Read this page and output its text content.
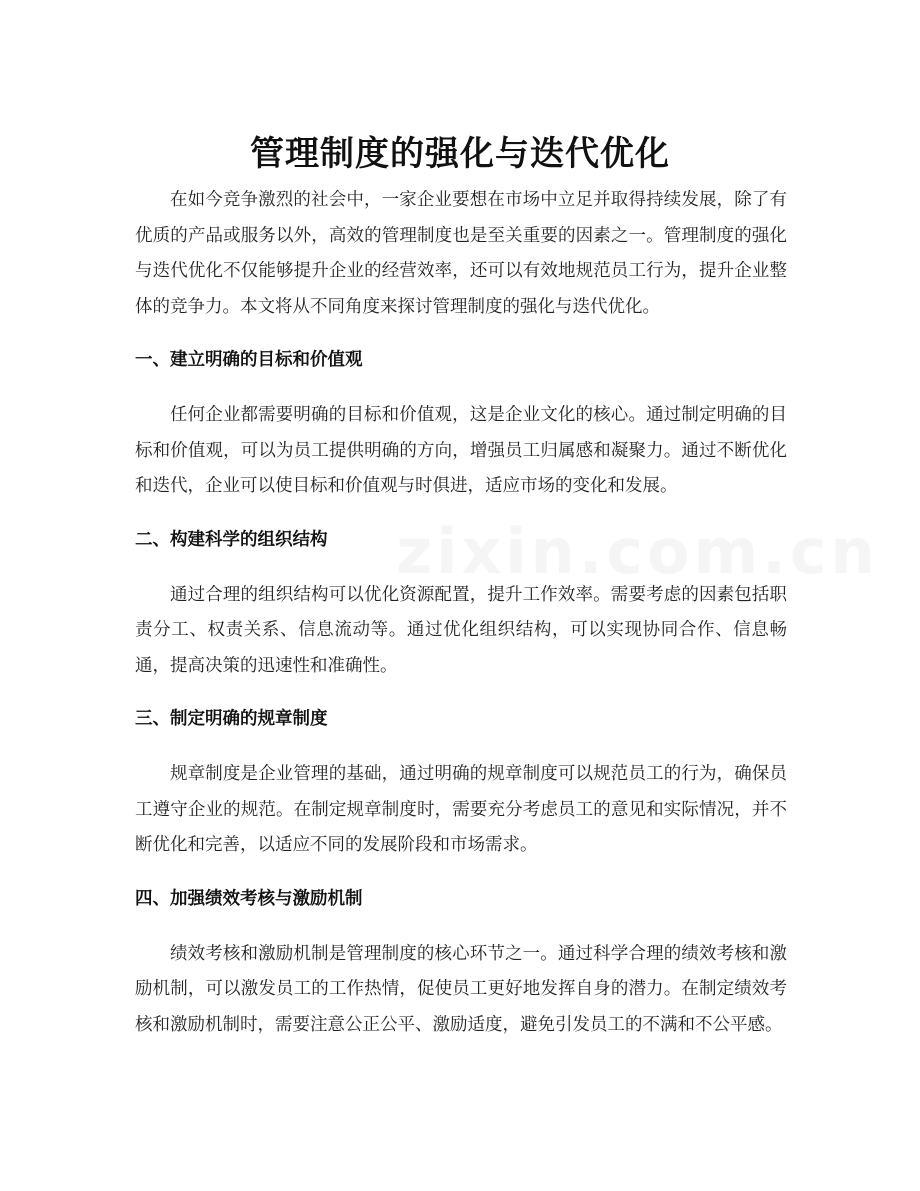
zixin.com.cn
管理制度的强化与迭代优化

在如今竞争激烈的社会中，一家企业要想在市场中立足并取得持续发展，除了有优质的产品或服务以外，高效的管理制度也是至关重要的因素之一。管理制度的强化与迭代优化不仅能够提升企业的经营效率，还可以有效地规范员工行为，提升企业整体的竞争力。本文将从不同角度来探讨管理制度的强化与迭代优化。

一、建立明确的目标和价值观

任何企业都需要明确的目标和价值观，这是企业文化的核心。通过制定明确的目标和价值观，可以为员工提供明确的方向，增强员工归属感和凝聚力。通过不断优化和迭代，企业可以使目标和价值观与时俱进，适应市场的变化和发展。

二、构建科学的组织结构

通过合理的组织结构可以优化资源配置，提升工作效率。需要考虑的因素包括职责分工、权责关系、信息流动等。通过优化组织结构，可以实现协同合作、信息畅通，提高决策的迅速性和准确性。

三、制定明确的规章制度

规章制度是企业管理的基础，通过明确的规章制度可以规范员工的行为，确保员工遵守企业的规范。在制定规章制度时，需要充分考虑员工的意见和实际情况，并不断优化和完善，以适应不同的发展阶段和市场需求。

四、加强绩效考核与激励机制

绩效考核和激励机制是管理制度的核心环节之一。通过科学合理的绩效考核和激励机制，可以激发员工的工作热情，促使员工更好地发挥自身的潜力。在制定绩效考核和激励机制时，需要注意公正公平、激励适度，避免引发员工的不满和不公平感。
